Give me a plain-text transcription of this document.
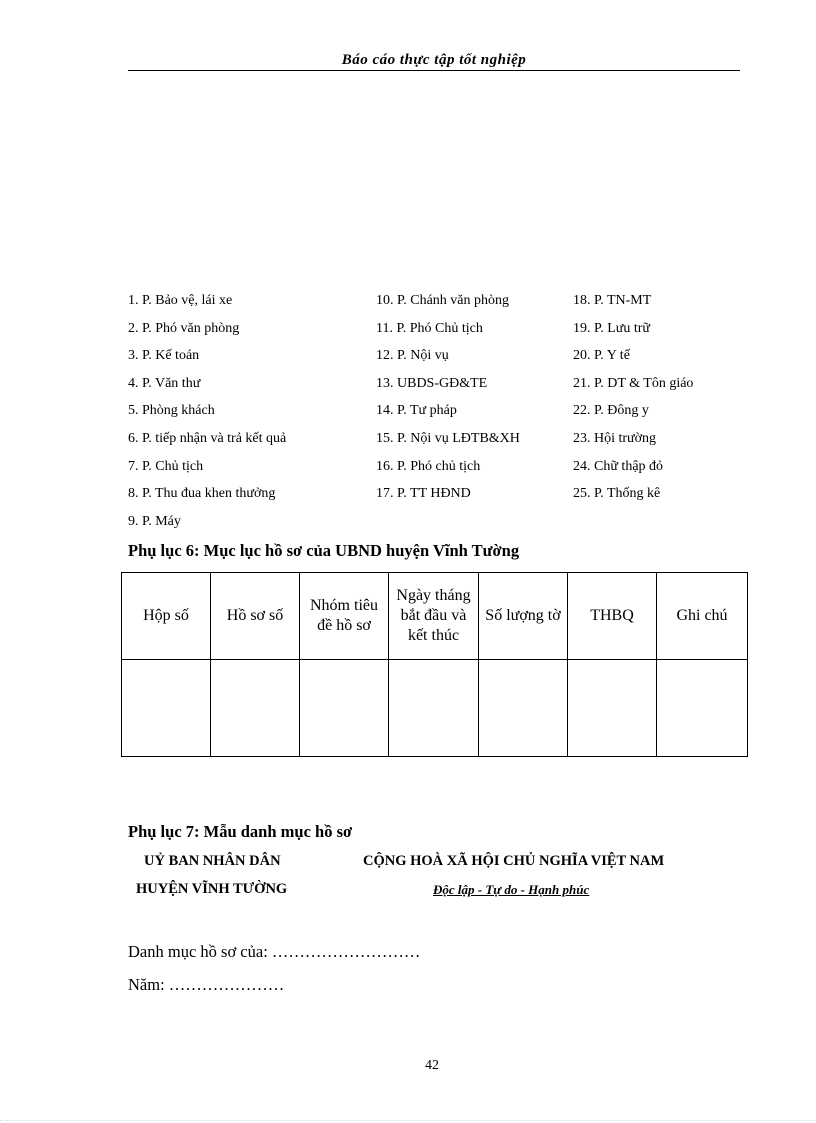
Báo cáo thực tập tốt nghiệp
1. P. Bảo vệ, lái xe
2. P. Phó văn phòng
3. P. Kế toán
4. P. Văn thư
5. Phòng khách
6. P. tiếp nhận và trả kết quả
7. P. Chủ tịch
8. P. Thu đua khen thưởng
9. P. Máy
10. P. Chánh văn phòng
11. P. Phó Chủ tịch
12. P. Nội vụ
13. UBDS-GĐ&TE
14. P. Tư pháp
15. P. Nội vụ LĐTB&XH
16. P. Phó chủ tịch
17. P. TT HĐND
18. P. TN-MT
19. P. Lưu trữ
20. P. Y tế
21. P. DT & Tôn giáo
22. P. Đông y
23. Hội trường
24. Chữ thập đỏ
25. P. Thống kê
Phụ lục 6: Mục lục hồ sơ của UBND huyện Vĩnh Tường
Hộp số	Hồ sơ số	Nhóm tiêu đề hồ sơ	Ngày tháng bắt đầu và kết thúc	Số lượng tờ	THBQ	Ghi chú

Phụ lục 7: Mẫu danh mục hồ sơ
UỶ BAN NHÂN DÂN
HUYỆN VĨNH TƯỜNG
CỘNG HOÀ XÃ HỘI CHỦ NGHĨA VIỆT NAM
Độc lập - Tự do - Hạnh phúc
Danh mục hồ sơ của: ………………………
Năm: …………………
42
